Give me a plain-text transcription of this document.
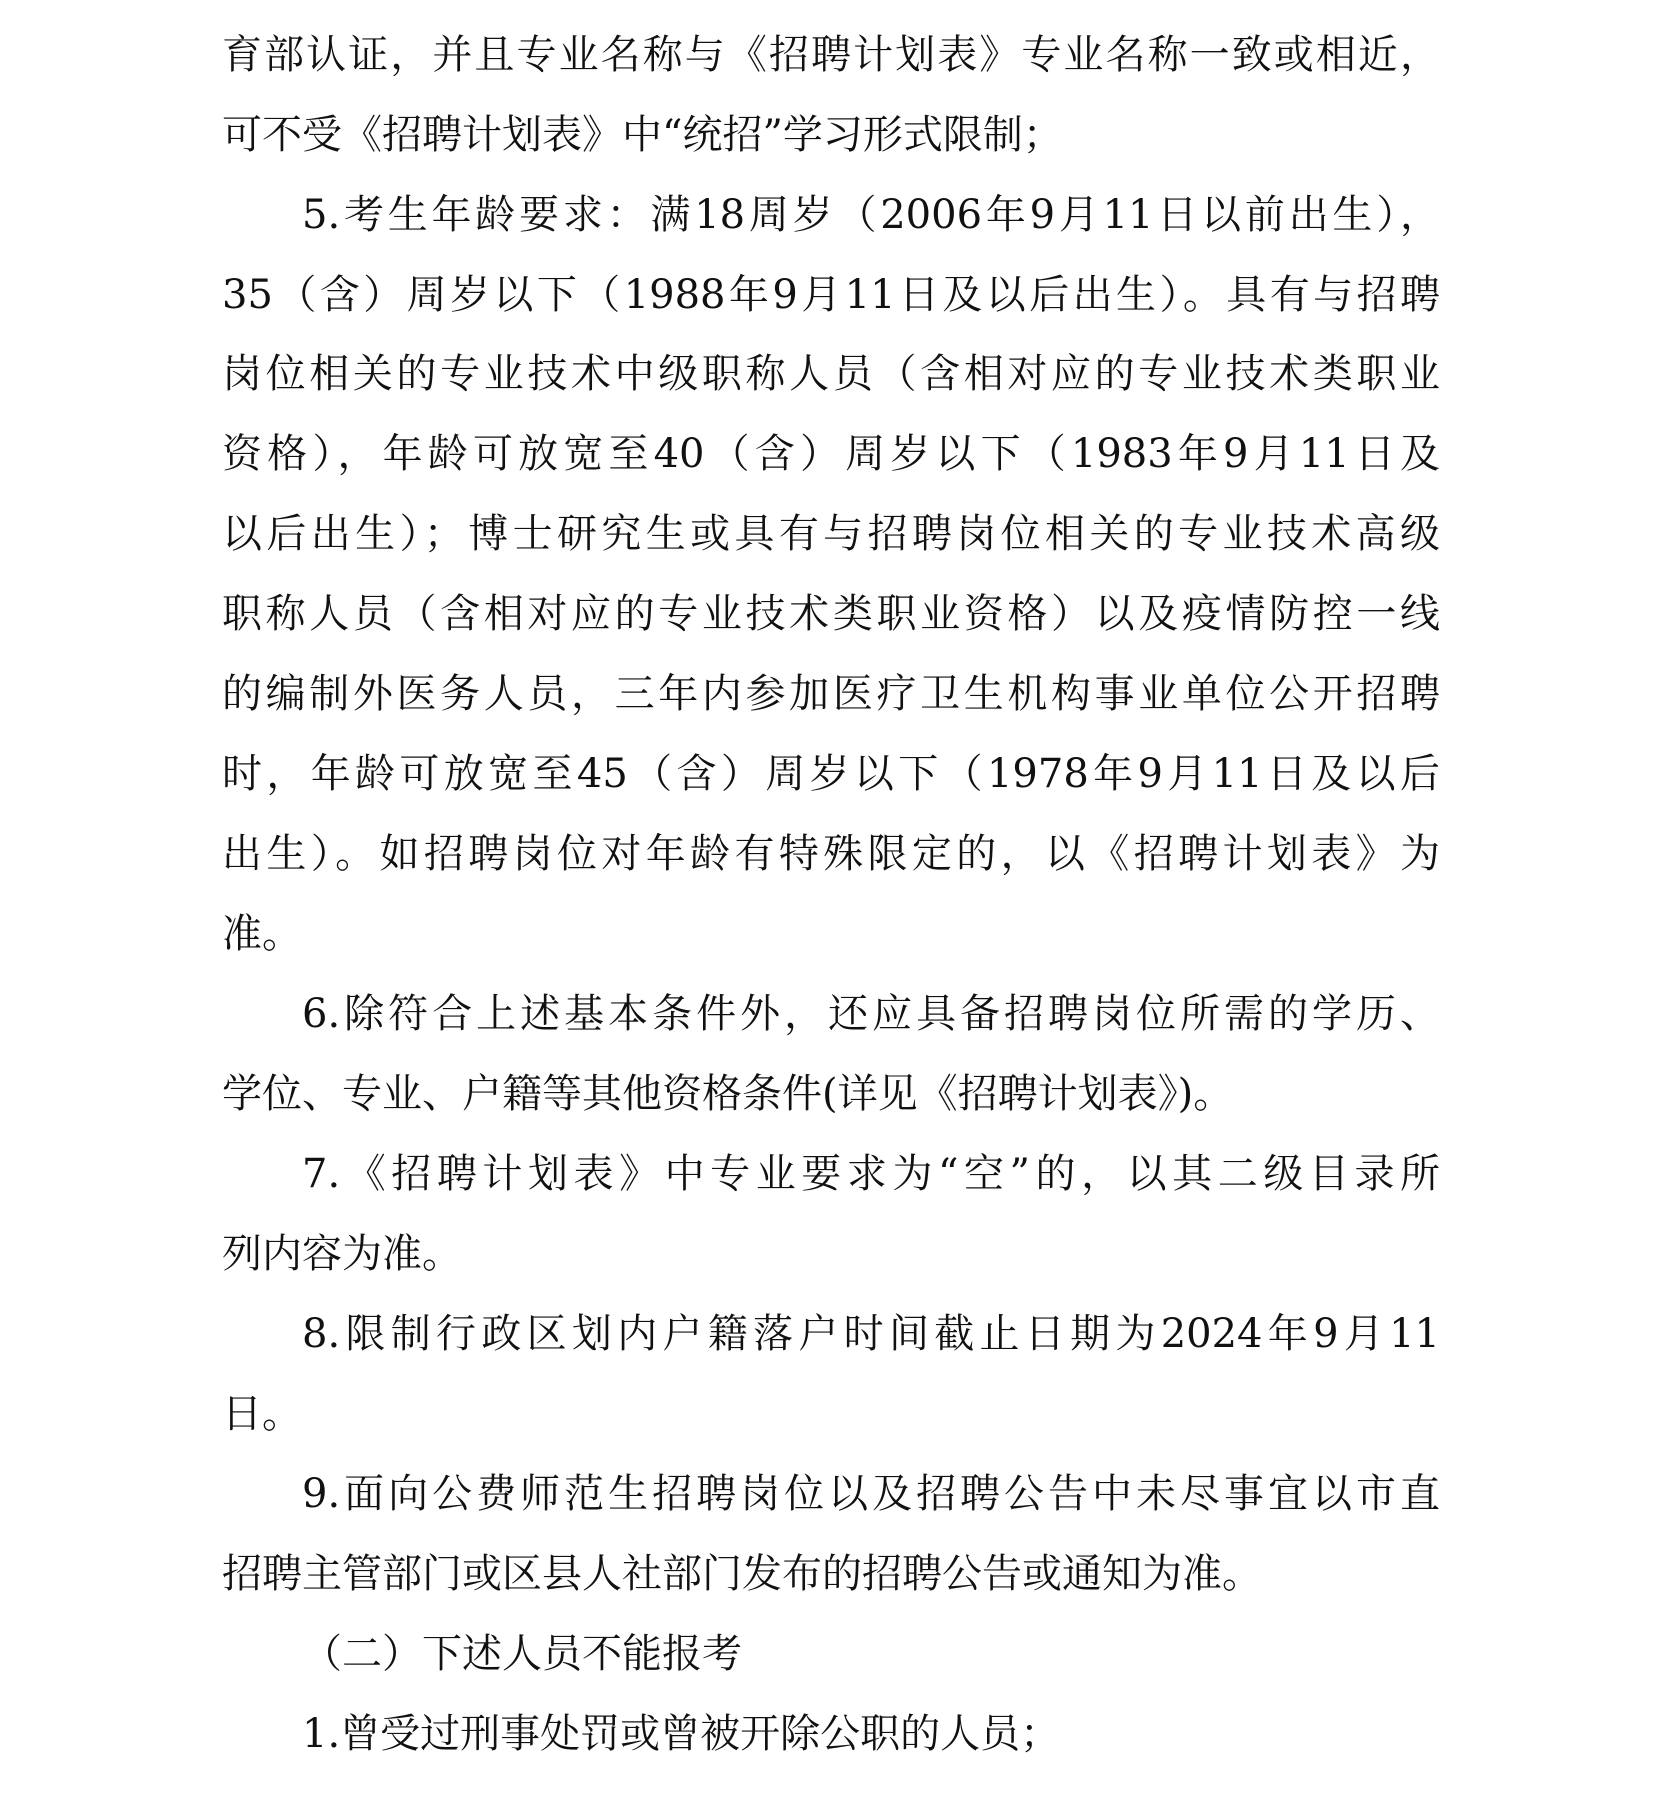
育部认证，并且专业名称与《招聘计划表》专业名称一致或相近，
可不受《招聘计划表》中“统招”学习形式限制；
5.考生年龄要求：满18周岁（2006年9月11日以前出生），
35（含）周岁以下（1988年9月11日及以后出生）。具有与招聘
岗位相关的专业技术中级职称人员（含相对应的专业技术类职业
资格），年龄可放宽至40（含）周岁以下（1983年9月11日及
以后出生）；博士研究生或具有与招聘岗位相关的专业技术高级
职称人员（含相对应的专业技术类职业资格）以及疫情防控一线
的编制外医务人员，三年内参加医疗卫生机构事业单位公开招聘
时，年龄可放宽至45（含）周岁以下（1978年9月11日及以后
出生）。如招聘岗位对年龄有特殊限定的，以《招聘计划表》为
准。
6.除符合上述基本条件外，还应具备招聘岗位所需的学历、
学位、专业、户籍等其他资格条件(详见《招聘计划表》)。
7.《招聘计划表》中专业要求为“空”的，以其二级目录所
列内容为准。
8.限制行政区划内户籍落户时间截止日期为2024年9月11
日。
9.面向公费师范生招聘岗位以及招聘公告中未尽事宜以市直
招聘主管部门或区县人社部门发布的招聘公告或通知为准。
（二）下述人员不能报考
1.曾受过刑事处罚或曾被开除公职的人员；
